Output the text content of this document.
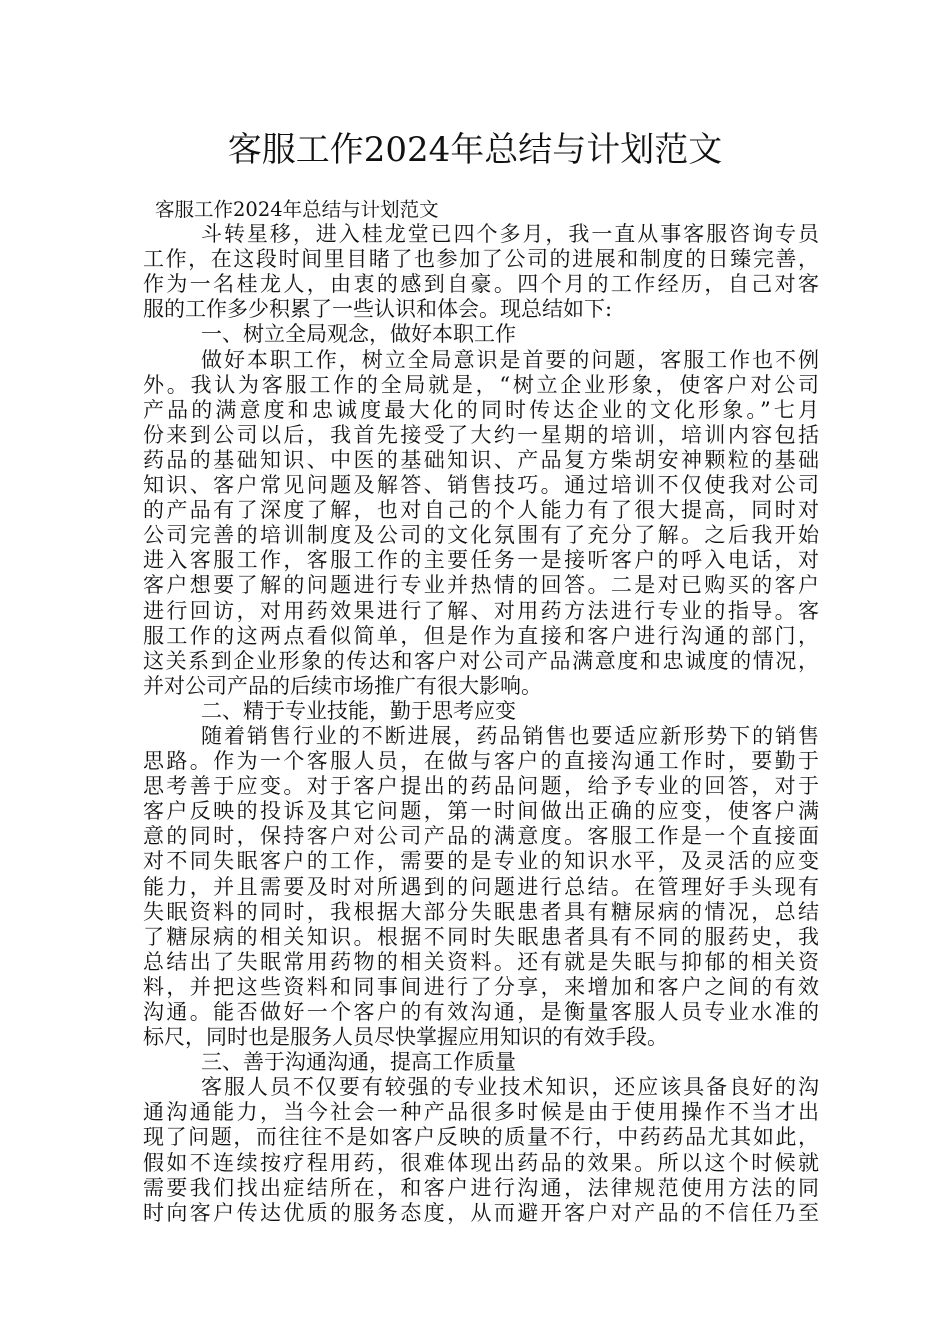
客服工作2024年总结与计划范文
客服工作2024年总结与计划范文
斗转星移，进入桂龙堂已四个多月，我一直从事客服咨询专员
工作，在这段时间里目睹了也参加了公司的进展和制度的日臻完善，
作为一名桂龙人，由衷的感到自豪。四个月的工作经历，自己对客
服的工作多少积累了一些认识和体会。现总结如下:
一、树立全局观念，做好本职工作
做好本职工作，树立全局意识是首要的问题，客服工作也不例
外。我认为客服工作的全局就是，“树立企业形象，使客户对公司
产品的满意度和忠诚度最大化的同时传达企业的文化形象。”七月
份来到公司以后，我首先接受了大约一星期的培训，培训内容包括
药品的基础知识、中医的基础知识、产品复方柴胡安神颗粒的基础
知识、客户常见问题及解答、销售技巧。通过培训不仅使我对公司
的产品有了深度了解，也对自己的个人能力有了很大提高，同时对
公司完善的培训制度及公司的文化氛围有了充分了解。之后我开始
进入客服工作，客服工作的主要任务一是接听客户的呼入电话，对
客户想要了解的问题进行专业并热情的回答。二是对已购买的客户
进行回访，对用药效果进行了解、对用药方法进行专业的指导。客
服工作的这两点看似简单，但是作为直接和客户进行沟通的部门，
这关系到企业形象的传达和客户对公司产品满意度和忠诚度的情况，
并对公司产品的后续市场推广有很大影响。
二、精于专业技能，勤于思考应变
随着销售行业的不断进展，药品销售也要适应新形势下的销售
思路。作为一个客服人员，在做与客户的直接沟通工作时，要勤于
思考善于应变。对于客户提出的药品问题，给予专业的回答，对于
客户反映的投诉及其它问题，第一时间做出正确的应变，使客户满
意的同时，保持客户对公司产品的满意度。客服工作是一个直接面
对不同失眠客户的工作，需要的是专业的知识水平，及灵活的应变
能力，并且需要及时对所遇到的问题进行总结。在管理好手头现有
失眠资料的同时，我根据大部分失眠患者具有糖尿病的情况，总结
了糖尿病的相关知识。根据不同时失眠患者具有不同的服药史，我
总结出了失眠常用药物的相关资料。还有就是失眠与抑郁的相关资
料，并把这些资料和同事间进行了分享，来增加和客户之间的有效
沟通。能否做好一个客户的有效沟通，是衡量客服人员专业水准的
标尺，同时也是服务人员尽快掌握应用知识的有效手段。
三、善于沟通沟通，提高工作质量
客服人员不仅要有较强的专业技术知识，还应该具备良好的沟
通沟通能力，当今社会一种产品很多时候是由于使用操作不当才出
现了问题，而往往不是如客户反映的质量不行，中药药品尤其如此，
假如不连续按疗程用药，很难体现出药品的效果。所以这个时候就
需要我们找出症结所在，和客户进行沟通，法律规范使用方法的同
时向客户传达优质的服务态度，从而避开客户对产品的不信任乃至
